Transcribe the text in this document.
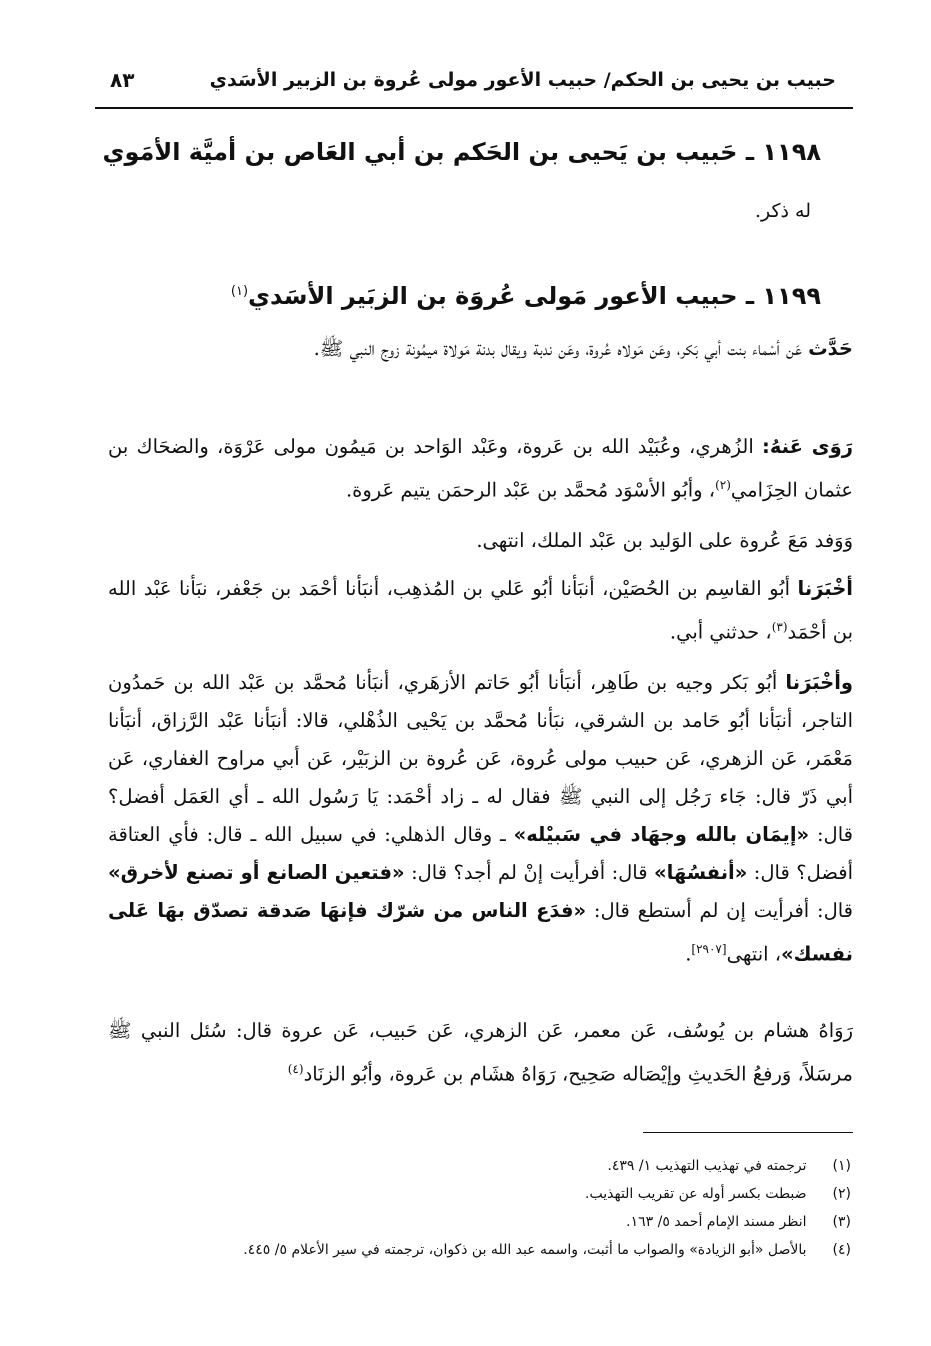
حبيب بن يحيى بن الحكم/ حبيب الأعور مولى عُروة بن الزبير الأسَدي
٨٣
١١٩٨ ـ حَبيب بن يَحيى بن الحَكم بن أبي العَاص بن أميَّة الأمَوي
له ذكر.
١١٩٩ ـ حبيب الأعور مَولى عُروَة بن الزبَير الأسَدي$^{(١)}$

حَدَّث عَن أسْماء بنت أبي بَكر، وعَن مَولاه عُروة، وعَن ندبة ويقال بدنة مَولاة ميمُونة زوج النبي ﷺ.

رَوَى عَنهُ: الزُهري، وعُبَيْد الله بن عَروة، وعَبْد الوَاحد بن مَيمُون مولى عَرْوَة، والضحَاك بن عثمان الحِزَامي$^{(٢)}$، وأبُو الأسْوَد مُحمَّد بن عَبْد الرحمَن يتيم عَروة.

وَوَفد مَعَ عُروة على الوَليد بن عَبْد الملك، انتهى.

أخْبَرَنا أبُو القاسِم بن الحُصَيْن، أنبَأنا أبُو عَلي بن المُذهِب، أنبَأنا أحْمَد بن جَعْفر، نبَأنا عَبْد الله بن أحْمَد$^{(٣)}$، حدثني أبي.

وأخْبَرَنا أبُو بَكر وجيه بن طَاهِر، أنبَأنا أبُو حَاتم الأزهَري، أنبَأنا مُحمَّد بن عَبْد الله بن حَمدُون التاجر، أنبَأنا أبُو حَامد بن الشرقي، نبَأنا مُحمَّد بن يَحْيى الذُهْلي، قالا: أنبَأنا عَبْد الرَّزاق، أنبَأنا مَعْمَر، عَن الزهري، عَن حبيب مولى عُروة، عَن عُروة بن الزبَيْر، عَن أبي مراوح الغفاري، عَن أبي ذَرّ قال: جَاء رَجُل إلى النبي ﷺ فقال له ـ زاد أحْمَد: يَا رَسُول الله ـ أي العَمَل أفضل؟ قال: «إيمَان بالله وجهَاد في سَبيْله» ـ وقال الذهلي: في سبيل الله ـ قال: فأي العتاقة أفضل؟ قال: «أنفسُهَا» قال: أفرأيت إنْ لم أجد؟ قال: «فتعين الصانع أو تصنع لأخرق» قال: أفرأيت إن لم أستطع قال: «فدَع الناس من شرّك فإنهَا صَدقة تصدّق بهَا عَلى نفسك»، انتهى[٢٩٠٧].

رَوَاهُ هشام بن يُوسُف، عَن معمر، عَن الزهري، عَن حَبيب، عَن عروة قال: سُئل النبي ﷺ مرسَلاً، وَرفعُ الحَديثِ وإيْصَاله صَحِيح، رَوَاهُ هشَام بن عَروة، وأبُو الزنَاد$^{(٤)}$

(١) ترجمته في تهذيب التهذيب ١/ ٤٣٩.
(٢) ضبطت بكسر أوله عن تقريب التهذيب.
(٣) انظر مسند الإمام أحمد ٥/ ١٦٣.
(٤) بالأصل «أبو الزيادة» والصواب ما أثبت، واسمه عبد الله بن ذكوان، ترجمته في سير الأعلام ٥/ ٤٤٥.
